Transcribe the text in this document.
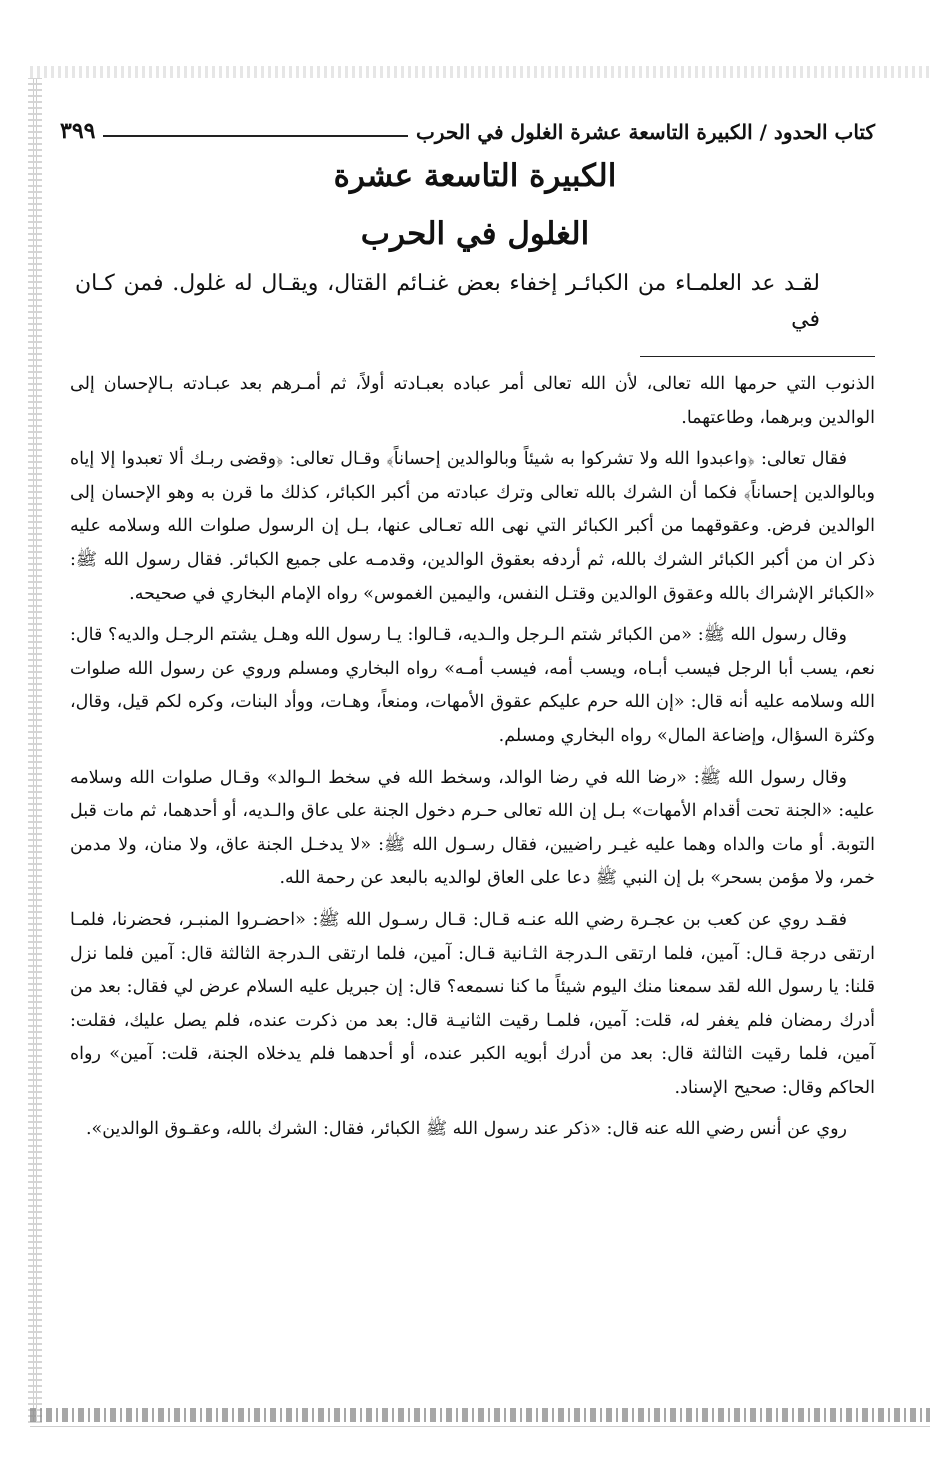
كتاب الحدود / الكبيرة التاسعة عشرة الغلول في الحرب
٣٩٩
الكبيرة التاسعة عشرة
الغلول في الحرب
لقـد عد العلمـاء من الكبائـر إخفاء بعض غنـائم القتال، ويقـال له غلول. فمن كـان في

الذنوب التي حرمها الله تعالى، لأن الله تعالى أمر عباده بعبـادته أولاً، ثم أمـرهم بعد عبـادته بـالإحسان إلى الوالدين وبرهما، وطاعتهما.

فقال تعالى: ﴿واعبدوا الله ولا تشركوا به شيئاً وبالوالدين إحساناً﴾ وقـال تعالى: ﴿وقضى ربـك ألا تعبدوا إلا إياه وبالوالدين إحساناً﴾ فكما أن الشرك بالله تعالى وترك عبادته من أكبر الكبائر، كذلك ما قرن به وهو الإحسان إلى الوالدين فرض. وعقوقهما من أكبر الكبائر التي نهى الله تعـالى عنها، بـل إن الرسول صلوات الله وسلامه عليه ذكر ان من أكبر الكبائر الشرك بالله، ثم أردفه بعقوق الوالدين، وقدمـه على جميع الكبائر. فقال رسول الله ﷺ: «الكبائر الإشراك بالله وعقوق الوالدين وقتـل النفس، واليمين الغموس» رواه الإمام البخاري في صحيحه.

وقال رسول الله ﷺ: «من الكبائر شتم الـرجل والـديه، قـالوا: يـا رسول الله وهـل يشتم الرجـل والديه؟ قال: نعم، يسب أبا الرجل فيسب أبـاه، ويسب أمه، فيسب أمـه» رواه البخاري ومسلم وروي عن رسول الله صلوات الله وسلامه عليه أنه قال: «إن الله حرم عليكم عقوق الأمهات، ومنعاً، وهـات، ووأد البنات، وكره لكم قيل، وقال، وكثرة السؤال، وإضاعة المال» رواه البخاري ومسلم.

وقال رسول الله ﷺ: «رضا الله في رضا الوالد، وسخط الله في سخط الـوالد» وقـال صلوات الله وسلامه عليه: «الجنة تحت أقدام الأمهات» بـل إن الله تعالى حـرم دخول الجنة على عاق والـديه، أو أحدهما، ثم مات قبل التوبة. أو مات والداه وهما عليه غيـر راضيين، فقال رسـول الله ﷺ: «لا يدخـل الجنة عاق، ولا منان، ولا مدمن خمر، ولا مؤمن بسحر» بل إن النبي ﷺ دعا على العاق لوالديه بالبعد عن رحمة الله.

فقـد روي عن كعب بن عجـرة رضي الله عنـه قـال: قـال رسـول الله ﷺ: «احضـروا المنبـر، فحضرنا، فلمـا ارتقى درجة قـال: آمين، فلما ارتقى الـدرجة الثـانية قـال: آمين، فلما ارتقى الـدرجة الثالثة قال: آمين فلما نزل قلنا: يا رسول الله لقد سمعنا منك اليوم شيئاً ما كنا نسمعه؟ قال: إن جبريل عليه السلام عرض لي فقال: بعد من أدرك رمضان فلم يغفر له، قلت: آمين، فلمـا رقيت الثانيـة قال: بعد من ذكرت عنده، فلم يصل عليك، فقلت: آمين، فلما رقيت الثالثة قال: بعد من أدرك أبويه الكبر عنده، أو أحدهما فلم يدخلاه الجنة، قلت: آمين» رواه الحاكم وقال: صحيح الإسناد.

روي عن أنس رضي الله عنه قال: «ذكر عند رسول الله ﷺ الكبائر، فقال: الشرك بالله، وعقـوق الوالدين».
